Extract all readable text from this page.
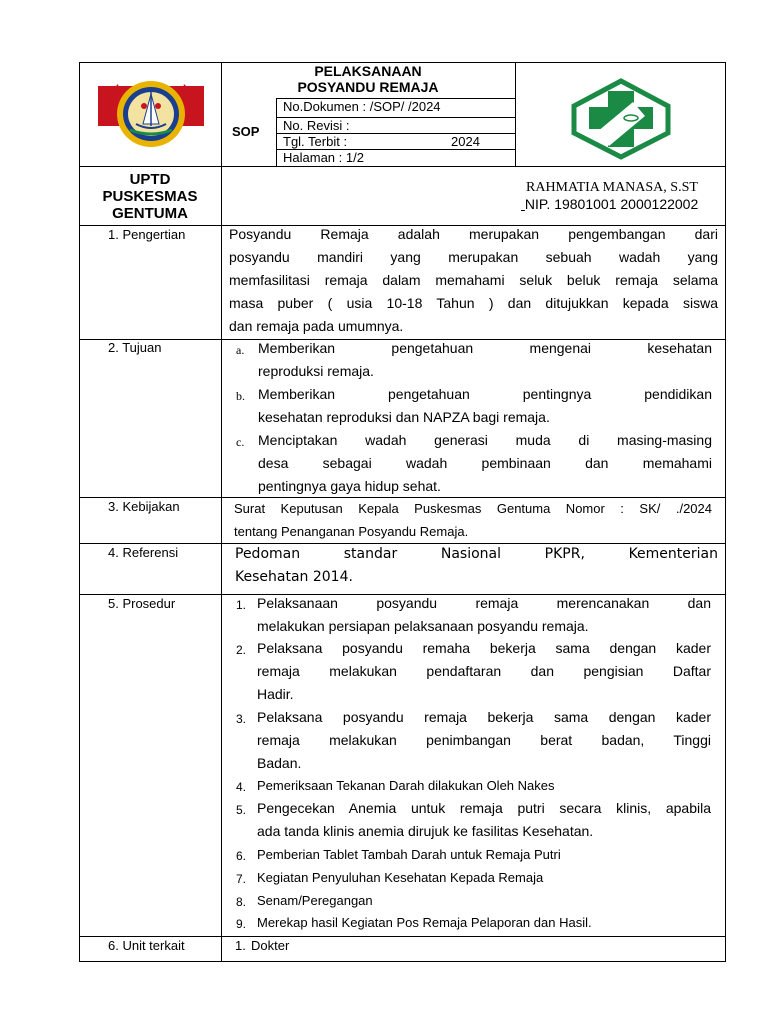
PELAKSANAAN
POSYANDU REMAJA
SOP
No.Dokumen : /SOP/ /2024
No. Revisi :
Tgl. Terbit :	2024
Halaman : 1/2
UPTD
PUSKESMAS
GENTUMA
RAHMATIA MANASA, S.ST
NIP. 19801001 2000122002
1. Pengertian	Posyandu Remaja adalah merupakan pengembangan dari
posyandu mandiri yang merupakan sebuah wadah yang
memfasilitasi remaja dalam memahami seluk beluk remaja selama
masa puber ( usia 10-18 Tahun ) dan ditujukkan kepada siswa
dan remaja pada umumnya.
2. Tujuan	a. Memberikan pengetahuan mengenai kesehatan
reproduksi remaja.
b. Memberikan pengetahuan pentingnya pendidikan
kesehatan reproduksi dan NAPZA bagi remaja.
c. Menciptakan wadah generasi muda di masing-masing
desa sebagai wadah pembinaan dan memahami
pentingnya gaya hidup sehat.
3. Kebijakan	Surat Keputusan Kepala Puskesmas Gentuma Nomor : SK/ ./2024
tentang Penanganan Posyandu Remaja.
4. Referensi	Pedoman standar Nasional PKPR, Kementerian
Kesehatan 2014.
5. Prosedur	1. Pelaksanaan posyandu remaja merencanakan dan
melakukan persiapan pelaksanaan posyandu remaja.
2. Pelaksana posyandu remaha bekerja sama dengan kader
remaja melakukan pendaftaran dan pengisian Daftar
Hadir.
3. Pelaksana posyandu remaja bekerja sama dengan kader
remaja melakukan penimbangan berat badan, Tinggi
Badan.
4. Pemeriksaan Tekanan Darah dilakukan Oleh Nakes
5. Pengecekan Anemia untuk remaja putri secara klinis, apabila
ada tanda klinis anemia dirujuk ke fasilitas Kesehatan.
6. Pemberian Tablet Tambah Darah untuk Remaja Putri
7. Kegiatan Penyuluhan Kesehatan Kepada Remaja
8. Senam/Peregangan
9. Merekap hasil Kegiatan Pos Remaja Pelaporan dan Hasil.
6. Unit terkait	1. Dokter
